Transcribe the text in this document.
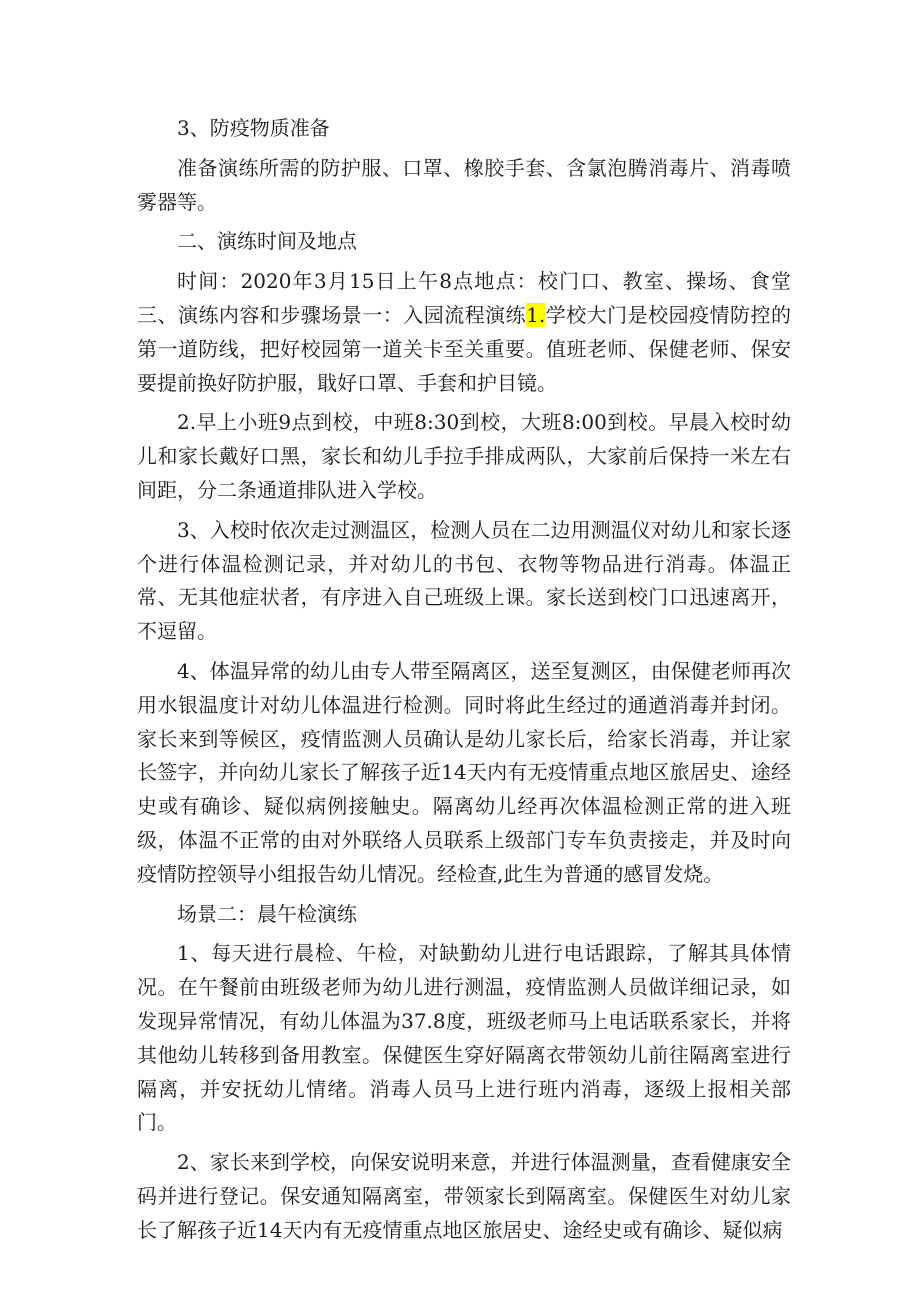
3、防疫物质准备

准备演练所需的防护服、口罩、橡胶手套、含氯泡腾消毒片、消毒喷雾器等。

二、演练时间及地点

时间：2020年3月15日上午8点地点：校门口、教室、操场、食堂三、演练内容和步骤场景一：入园流程演练1.学校大门是校园疫情防控的第一道防线，把好校园第一道关卡至关重要。值班老师、保健老师、保安要提前换好防护服，戢好口罩、手套和护目镜。

2.早上小班9点到校，中班8:30到校，大班8:00到校。早晨入校时幼儿和家长戴好口黑，家长和幼儿手拉手排成两队，大家前后保持一米左右间距，分二条通道排队进入学校。

3、入校时依次走过测温区，检测人员在二边用测温仪对幼儿和家长逐个进行体温检测记录，并对幼儿的书包、衣物等物品进行消毒。体温正常、无其他症状者，有序进入自己班级上课。家长送到校门口迅速离开，不逗留。

4、体温异常的幼儿由专人带至隔离区，送至复测区，由保健老师再次用水银温度计对幼儿体温进行检测。同时将此生经过的通遒消毒并封闭。家长来到等候区，疫情监测人员确认是幼儿家长后，给家长消毒，并让家长签字，并向幼儿家长了解孩子近14天内有无疫情重点地区旅居史、途经史或有确诊、疑似病例接触史。隔离幼儿经再次体温检测正常的进入班级，体温不正常的由对外联络人员联系上级部门专车负责接走，并及时向疫情防控领导小组报告幼儿情况。经检查,此生为普通的感冒发烧。

场景二：晨午检演练

1、每天进行晨检、午检，对缺勤幼儿进行电话跟踪，了解其具体情况。在午餐前由班级老师为幼儿进行测温，疫情监测人员做详细记录，如发现异常情况，有幼儿体温为37.8度，班级老师马上电话联系家长，并将其他幼儿转移到备用教室。保健医生穿好隔离衣带领幼儿前往隔离室进行隔离，并安抚幼儿情绪。消毒人员马上进行班内消毒，逐级上报相关部门。

2、家长来到学校，向保安说明来意，并进行体温测量，查看健康安全码并进行登记。保安通知隔离室，带领家长到隔离室。保健医生对幼儿家长了解孩子近14天内有无疫情重点地区旅居史、途经史或有确诊、疑似病
